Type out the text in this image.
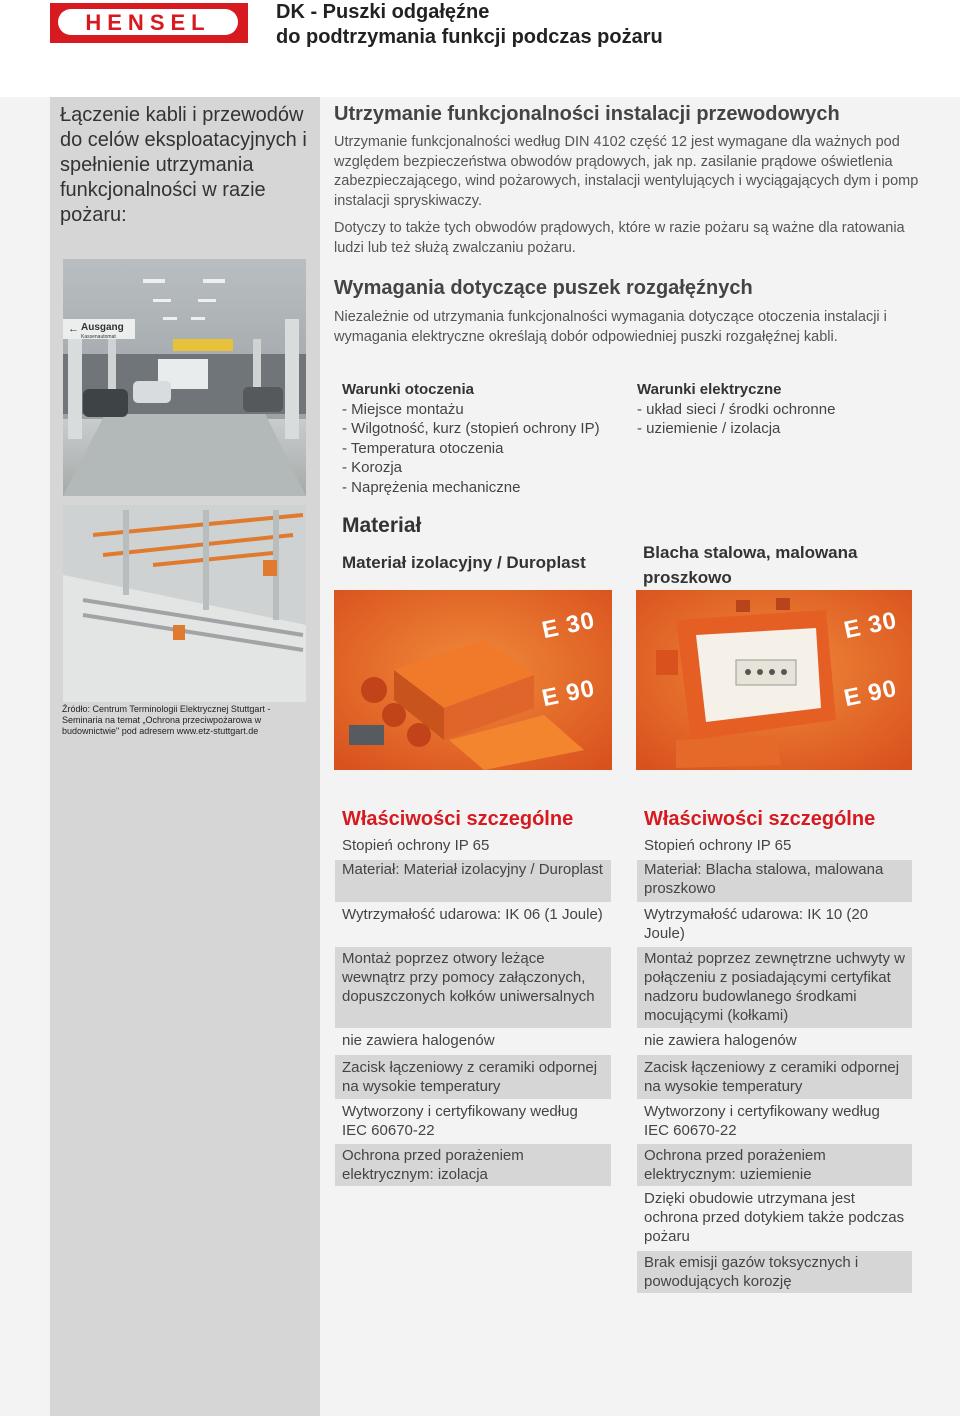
HENSEL	DK - Puszki odgałęźne
do podtrzymania funkcji podczas pożaru
Łączenie kabli i przewodów do celów eksploatacyjnych i spełnienie utrzymania funkcjonalności w razie pożaru:
← Ausgang
Kassenautomat
Źródło: Centrum Terminologii Elektrycznej Stuttgart - Seminaria na temat „Ochrona przeciwpożarowa w budownictwie" pod adresem www.etz-stuttgart.de
Utrzymanie funkcjonalności instalacji przewodowych
Utrzymanie funkcjonalności według DIN 4102 część 12 jest wymagane dla ważnych pod względem bezpieczeństwa obwodów prądowych, jak np. zasilanie prądowe oświetlenia zabezpieczającego, wind pożarowych, instalacji wentylujących i wyciągających dym i pomp instalacji spryskiwaczy.
Dotyczy to także tych obwodów prądowych, które w razie pożaru są ważne dla ratowania ludzi lub też służą zwalczaniu pożaru.
Wymagania dotyczące puszek rozgałęźnych
Niezależnie od utrzymania funkcjonalności wymagania dotyczące otoczenia instalacji i wymagania elektryczne określają dobór odpowiedniej puszki rozgałęźnej kabli.
Warunki otoczenia
- Miejsce montażu
- Wilgotność, kurz (stopień ochrony IP)
- Temperatura otoczenia
- Korozja
- Naprężenia mechaniczne
Warunki elektryczne
- układ sieci / środki ochronne
- uziemienie / izolacja
Materiał
Materiał izolacyjny / Duroplast
Blacha stalowa, malowana proszkowo
E 30
E 90
E 30
E 90
Właściwości szczególne
Stopień ochrony IP 65
Materiał: Materiał izolacyjny / Duroplast
Wytrzymałość udarowa: IK 06 (1 Joule)
Montaż poprzez otwory leżące wewnątrz przy pomocy załączonych, dopuszczonych kołków uniwersalnych
nie zawiera halogenów
Zacisk łączeniowy z ceramiki odpornej na wysokie temperatury
Wytworzony i certyfikowany według IEC 60670-22
Ochrona przed porażeniem elektrycznym: izolacja
Właściwości szczególne
Stopień ochrony IP 65
Materiał: Blacha stalowa, malowana proszkowo
Wytrzymałość udarowa: IK 10 (20 Joule)
Montaż poprzez zewnętrzne uchwyty w połączeniu z posiadającymi certyfikat nadzoru budowlanego środkami mocującymi (kołkami)
nie zawiera halogenów
Zacisk łączeniowy z ceramiki odpornej na wysokie temperatury
Wytworzony i certyfikowany według IEC 60670-22
Ochrona przed porażeniem elektrycznym: uziemienie
Dzięki obudowie utrzymana jest ochrona przed dotykiem także podczas pożaru
Brak emisji gazów toksycznych i powodujących korozję
